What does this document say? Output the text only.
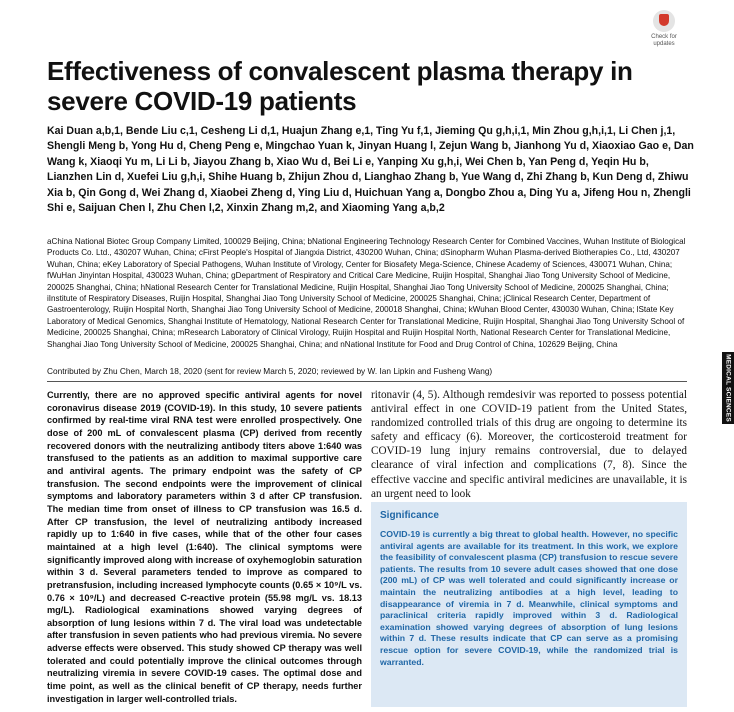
Check for updates
Effectiveness of convalescent plasma therapy in severe COVID-19 patients
Kai Duan a,b,1, Bende Liu c,1, Cesheng Li d,1, Huajun Zhang e,1, Ting Yu f,1, Jieming Qu g,h,i,1, Min Zhou g,h,i,1, Li Chen j,1, Shengli Meng b, Yong Hu d, Cheng Peng e, Mingchao Yuan k, Jinyan Huang l, Zejun Wang b, Jianhong Yu d, Xiaoxiao Gao e, Dan Wang k, Xiaoqi Yu m, Li Li b, Jiayou Zhang b, Xiao Wu d, Bei Li e, Yanping Xu g,h,i, Wei Chen b, Yan Peng d, Yeqin Hu b, Lianzhen Lin d, Xuefei Liu g,h,i, Shihe Huang b, Zhijun Zhou d, Lianghao Zhang b, Yue Wang d, Zhi Zhang b, Kun Deng d, Zhiwu Xia b, Qin Gong d, Wei Zhang d, Xiaobei Zheng d, Ying Liu d, Huichuan Yang a, Dongbo Zhou a, Ding Yu a, Jifeng Hou n, Zhengli Shi e, Saijuan Chen l, Zhu Chen l,2, Xinxin Zhang m,2, and Xiaoming Yang a,b,2
aChina National Biotec Group Company Limited, 100029 Beijing, China; bNational Engineering Technology Research Center for Combined Vaccines, Wuhan Institute of Biological Products Co. Ltd., 430207 Wuhan, China; cFirst People's Hospital of Jiangxia District, 430200 Wuhan, China; dSinopharm Wuhan Plasma-derived Biotherapies Co., Ltd, 430207 Wuhan, China; eKey Laboratory of Special Pathogens, Wuhan Institute of Virology, Center for Biosafety Mega-Science, Chinese Academy of Sciences, 430071 Wuhan, China; fWuHan Jinyintan Hospital, 430023 Wuhan, China; gDepartment of Respiratory and Critical Care Medicine, Ruijin Hospital, Shanghai Jiao Tong University School of Medicine, 200025 Shanghai, China; hNational Research Center for Translational Medicine, Ruijin Hospital, Shanghai Jiao Tong University School of Medicine, 200025 Shanghai, China; iInstitute of Respiratory Diseases, Ruijin Hospital, Shanghai Jiao Tong University School of Medicine, 200025 Shanghai, China; jClinical Research Center, Department of Gastroenterology, Ruijin Hospital North, Shanghai Jiao Tong University School of Medicine, 200018 Shanghai, China; kWuhan Blood Center, 430030 Wuhan, China; lState Key Laboratory of Medical Genomics, Shanghai Institute of Hematology, National Research Center for Translational Medicine, Ruijin Hospital, Shanghai Jiao Tong University School of Medicine, 200025 Shanghai, China; mResearch Laboratory of Clinical Virology, Ruijin Hospital and Ruijin Hospital North, National Research Center for Translational Medicine, Shanghai Jiao Tong University School of Medicine, 200025 Shanghai, China; and nNational Institute for Food and Drug Control of China, 102629 Beijing, China
Contributed by Zhu Chen, March 18, 2020 (sent for review March 5, 2020; reviewed by W. Ian Lipkin and Fusheng Wang)
Currently, there are no approved specific antiviral agents for novel coronavirus disease 2019 (COVID-19). In this study, 10 severe patients confirmed by real-time viral RNA test were enrolled prospectively. One dose of 200 mL of convalescent plasma (CP) derived from recently recovered donors with the neutralizing antibody titers above 1:640 was transfused to the patients as an addition to maximal supportive care and antiviral agents. The primary endpoint was the safety of CP transfusion. The second endpoints were the improvement of clinical symptoms and laboratory parameters within 3 d after CP transfusion. The median time from onset of illness to CP transfusion was 16.5 d. After CP transfusion, the level of neutralizing antibody increased rapidly up to 1:640 in five cases, while that of the other four cases maintained at a high level (1:640). The clinical symptoms were significantly improved along with increase of oxyhemoglobin saturation within 3 d. Several parameters tended to improve as compared to pretransfusion, including increased lymphocyte counts (0.65 × 10⁹/L vs. 0.76 × 10⁹/L) and decreased C-reactive protein (55.98 mg/L vs. 18.13 mg/L). Radiological examinations showed varying degrees of absorption of lung lesions within 7 d. The viral load was undetectable after transfusion in seven patients who had previous viremia. No severe adverse effects were observed. This study showed CP therapy was well tolerated and could potentially improve the clinical outcomes through neutralizing viremia in severe COVID-19 cases. The optimal dose and time point, as well as the clinical benefit of CP therapy, needs further investigation in larger well-controlled trials.
ritonavir (4, 5). Although remdesivir was reported to possess potential antiviral effect in one COVID-19 patient from the United States, randomized controlled trials of this drug are ongoing to determine its safety and efficacy (6). Moreover, the corticosteroid treatment for COVID-19 lung injury remains controversial, due to delayed clearance of viral infection and complications (7, 8). Since the effective vaccine and specific antiviral medicines are unavailable, it is an urgent need to look
Significance

COVID-19 is currently a big threat to global health. However, no specific antiviral agents are available for its treatment. In this work, we explore the feasibility of convalescent plasma (CP) transfusion to rescue severe patients. The results from 10 severe adult cases showed that one dose (200 mL) of CP was well tolerated and could significantly increase or maintain the neutralizing antibodies at a high level, leading to disappearance of viremia in 7 d. Meanwhile, clinical symptoms and paraclinical criteria rapidly improved within 3 d. Radiological examination showed varying degrees of absorption of lung lesions within 7 d. These results indicate that CP can serve as a promising rescue option for severe COVID-19, while the randomized trial is warranted.

MEDICAL SCIENCES
